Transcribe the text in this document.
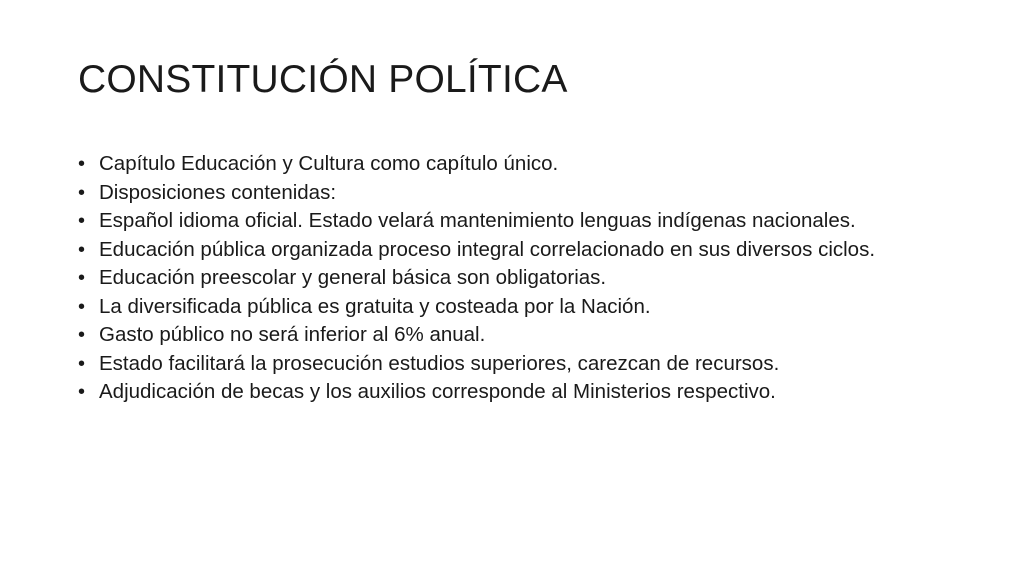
CONSTITUCIÓN POLÍTICA
• Capítulo Educación y Cultura como capítulo único.
• Disposiciones contenidas:
• Español idioma oficial. Estado velará mantenimiento lenguas indígenas nacionales.
• Educación pública organizada proceso integral correlacionado en sus diversos ciclos.
• Educación preescolar y general básica son obligatorias.
• La diversificada pública es gratuita y costeada por la Nación.
• Gasto público no será inferior al 6% anual.
• Estado facilitará la prosecución estudios superiores, carezcan de recursos.
• Adjudicación de becas y los auxilios corresponde al Ministerios respectivo.
